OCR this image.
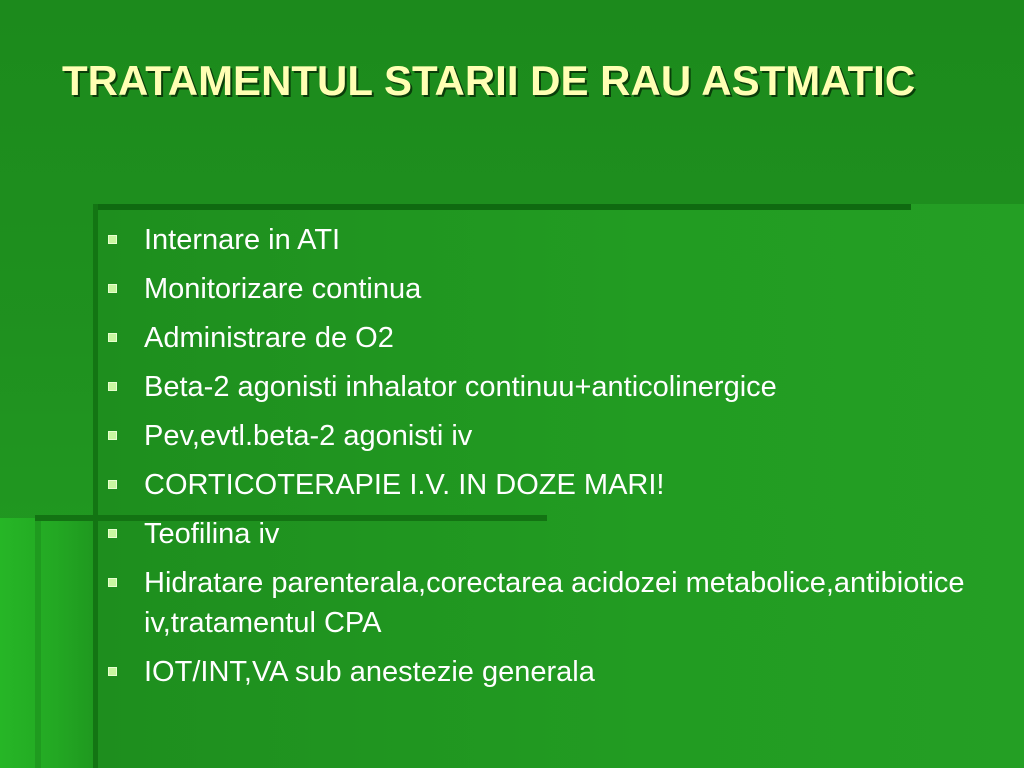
TRATAMENTUL STARII DE RAU ASTMATIC
Internare in ATI
Monitorizare continua
Administrare de O2
Beta-2 agonisti inhalator continuu+anticolinergice
Pev,evtl.beta-2 agonisti iv
CORTICOTERAPIE I.V. IN DOZE MARI!
Teofilina iv
Hidratare parenterala,corectarea acidozei metabolice,antibiotice iv,tratamentul CPA
IOT/INT,VA sub anestezie generala
